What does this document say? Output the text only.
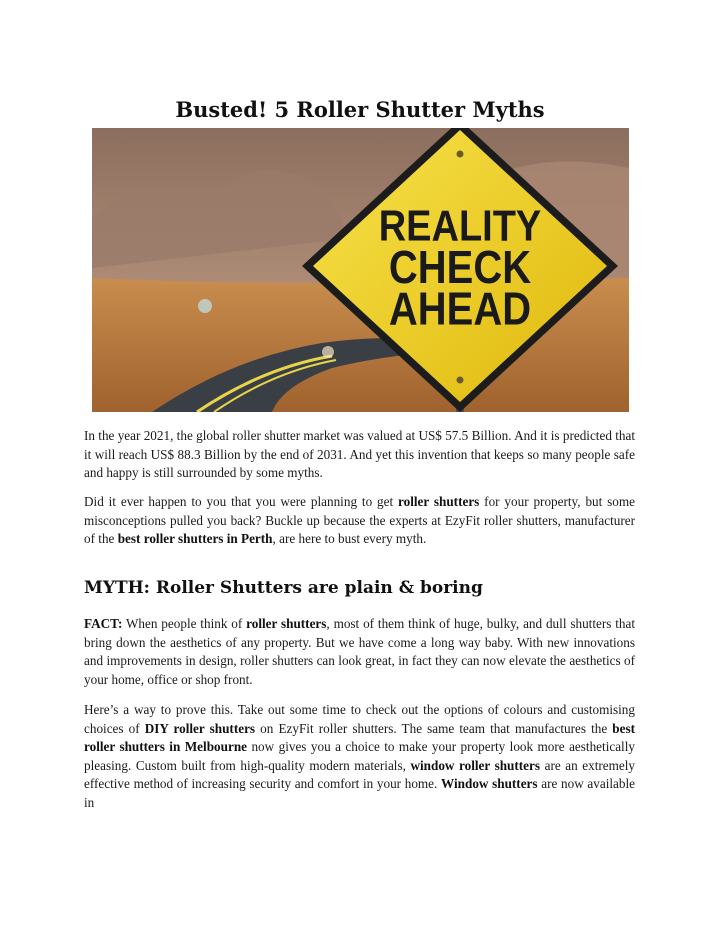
Busted! 5 Roller Shutter Myths
REALITY
CHECK
AHEAD

In the year 2021, the global roller shutter market was valued at US$ 57.5 Billion. And it is predicted that it will reach US$ 88.3 Billion by the end of 2031. And yet this invention that keeps so many people safe and happy is still surrounded by some myths.

Did it ever happen to you that you were planning to get roller shutters for your property, but some misconceptions pulled you back? Buckle up because the experts at EzyFit roller shutters, manufacturer of the best roller shutters in Perth, are here to bust every myth.

MYTH: Roller Shutters are plain & boring

FACT: When people think of roller shutters, most of them think of huge, bulky, and dull shutters that bring down the aesthetics of any property. But we have come a long way baby. With new innovations and improvements in design, roller shutters can look great, in fact they can now elevate the aesthetics of your home, office or shop front.

Here’s a way to prove this. Take out some time to check out the options of colours and customising choices of DIY roller shutters on EzyFit roller shutters. The same team that manufactures the best roller shutters in Melbourne now gives you a choice to make your property look more aesthetically pleasing. Custom built from high-quality modern materials, window roller shutters are an extremely effective method of increasing security and comfort in your home. Window shutters are now available in
